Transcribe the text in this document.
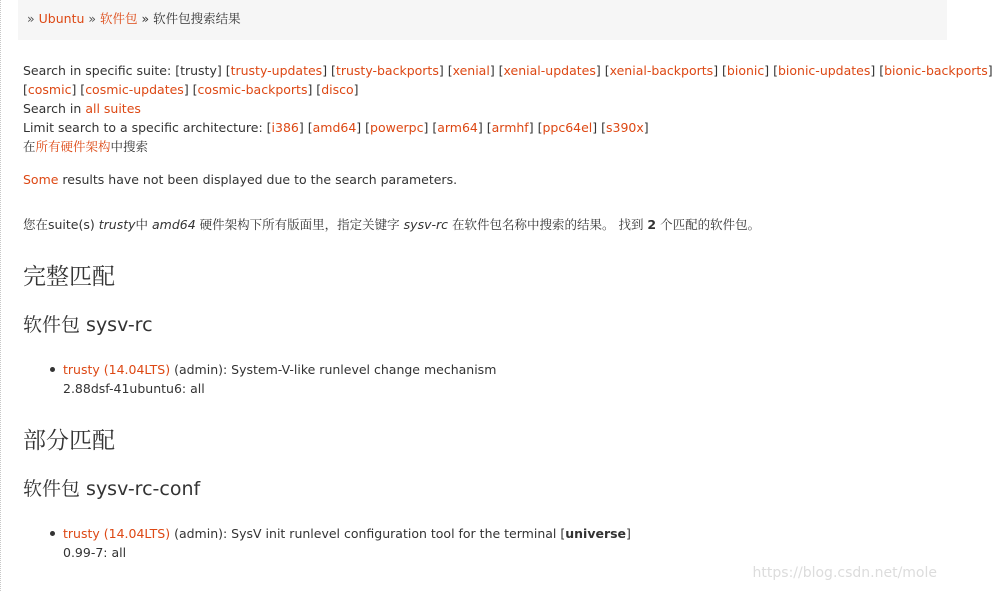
» Ubuntu » 软件包 » 软件包搜索结果
Search in specific suite: [trusty] [trusty-updates] [trusty-backports] [xenial] [xenial-updates] [xenial-backports] [bionic] [bionic-updates] [bionic-backports]
[cosmic] [cosmic-updates] [cosmic-backports] [disco]
Search in all suites
Limit search to a specific architecture: [i386] [amd64] [powerpc] [arm64] [armhf] [ppc64el] [s390x]
在所有硬件架构中搜索
Some results have not been displayed due to the search parameters.
您在suite(s) trusty中 amd64 硬件架构下所有版面里，指定关键字 sysv-rc 在软件包名称中搜索的结果。 找到 2 个匹配的软件包。
完整匹配
软件包 sysv-rc
trusty (14.04LTS) (admin): System-V-like runlevel change mechanism
2.88dsf-41ubuntu6: all
部分匹配
软件包 sysv-rc-conf
trusty (14.04LTS) (admin): SysV init runlevel configuration tool for the terminal [universe]
0.99-7: all
https://blog.csdn.net/mole
